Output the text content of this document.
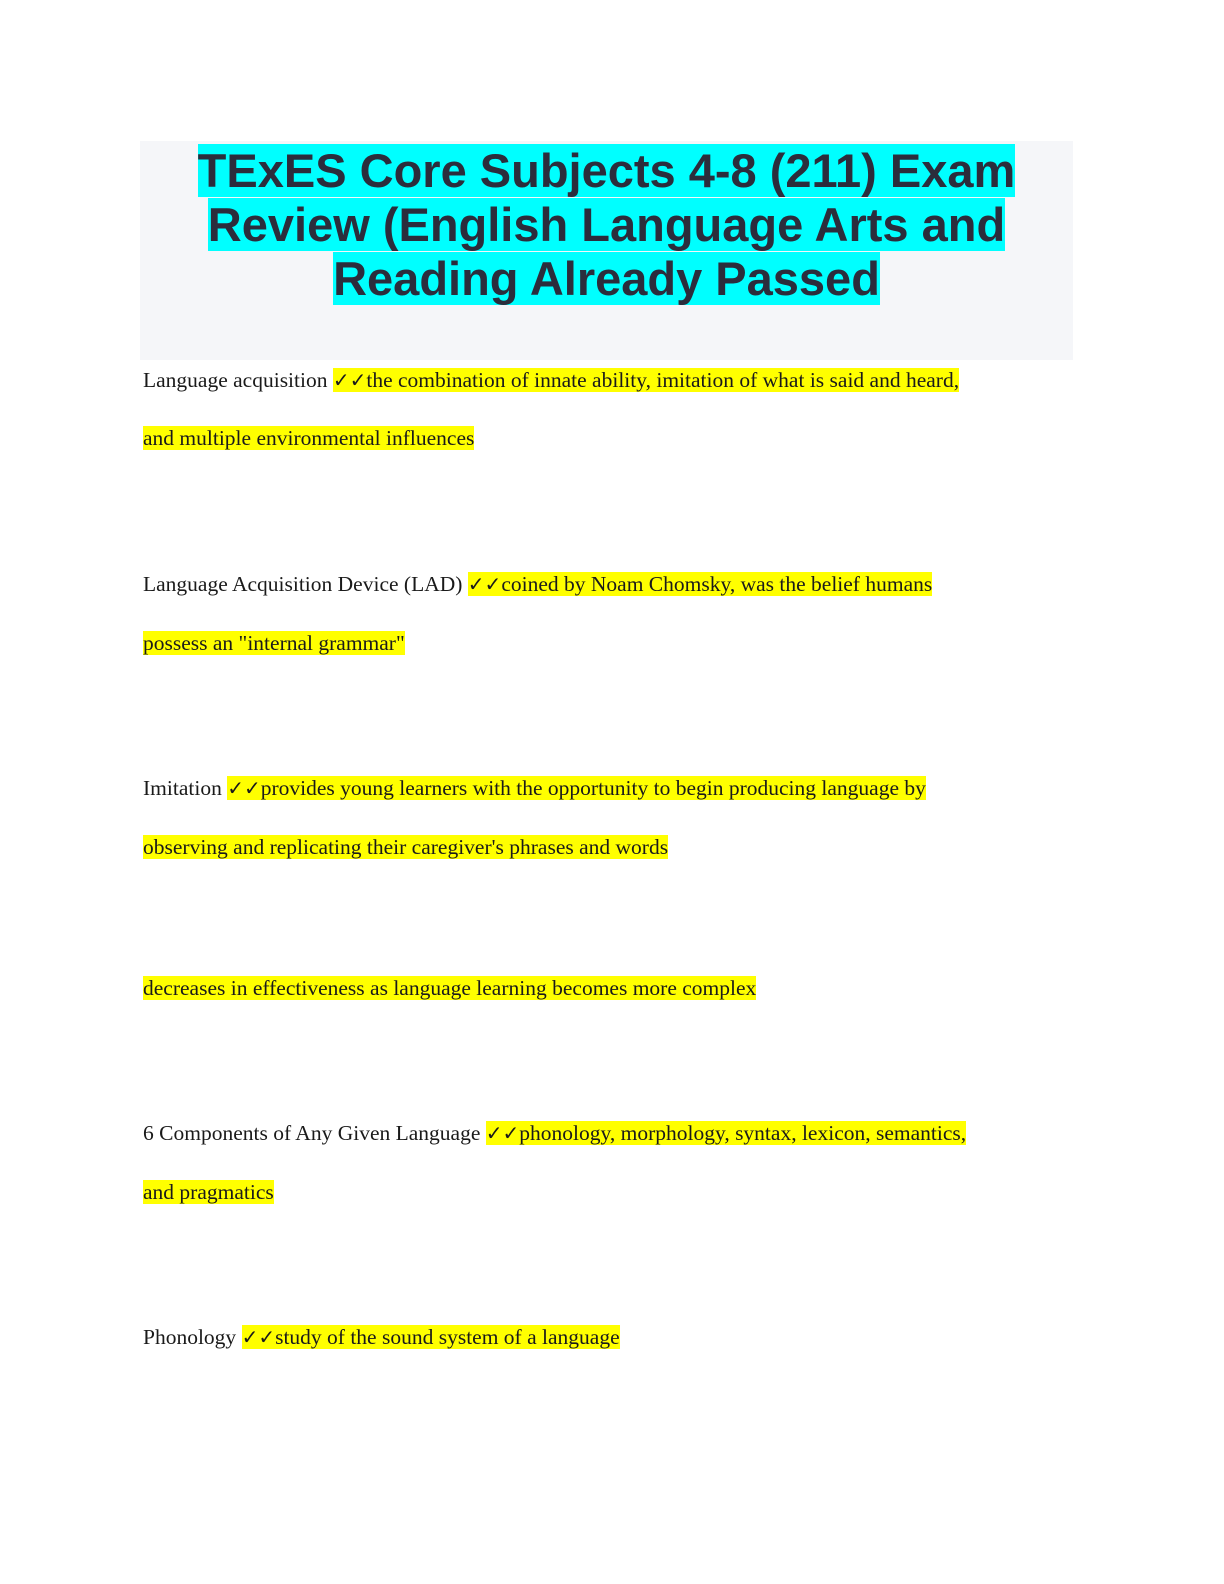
TExES Core Subjects 4-8 (211) Exam
Review (English Language Arts and
Reading Already Passed
Language acquisition ✓✓the combination of innate ability, imitation of what is said and heard,
and multiple environmental influences
Language Acquisition Device (LAD) ✓✓coined by Noam Chomsky, was the belief humans
possess an "internal grammar"
Imitation ✓✓provides young learners with the opportunity to begin producing language by
observing and replicating their caregiver's phrases and words
decreases in effectiveness as language learning becomes more complex
6 Components of Any Given Language ✓✓phonology, morphology, syntax, lexicon, semantics,
and pragmatics
Phonology ✓✓study of the sound system of a language
